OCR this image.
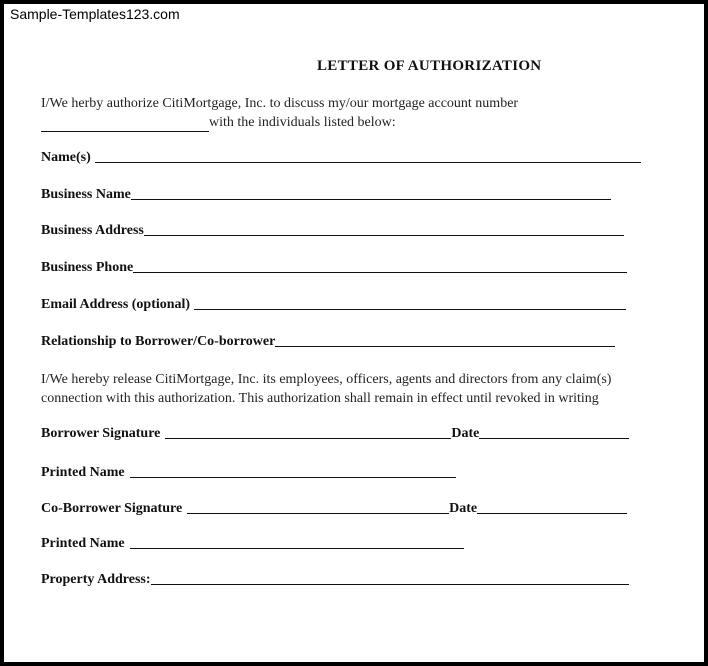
Sample-Templates123.com
LETTER OF AUTHORIZATION
I/We herby authorize CitiMortgage, Inc. to discuss my/our mortgage account number
with the individuals listed below:
Name(s)
Business Name
Business Address
Business Phone
Email Address (optional)
Relationship to Borrower/Co-borrower
I/We hereby release CitiMortgage, Inc. its employees, officers, agents and directors from any claim(s)
connection with this authorization. This authorization shall remain in effect until revoked in writing
Borrower Signature	Date
Printed Name
Co-Borrower Signature	Date
Printed Name
Property Address:
